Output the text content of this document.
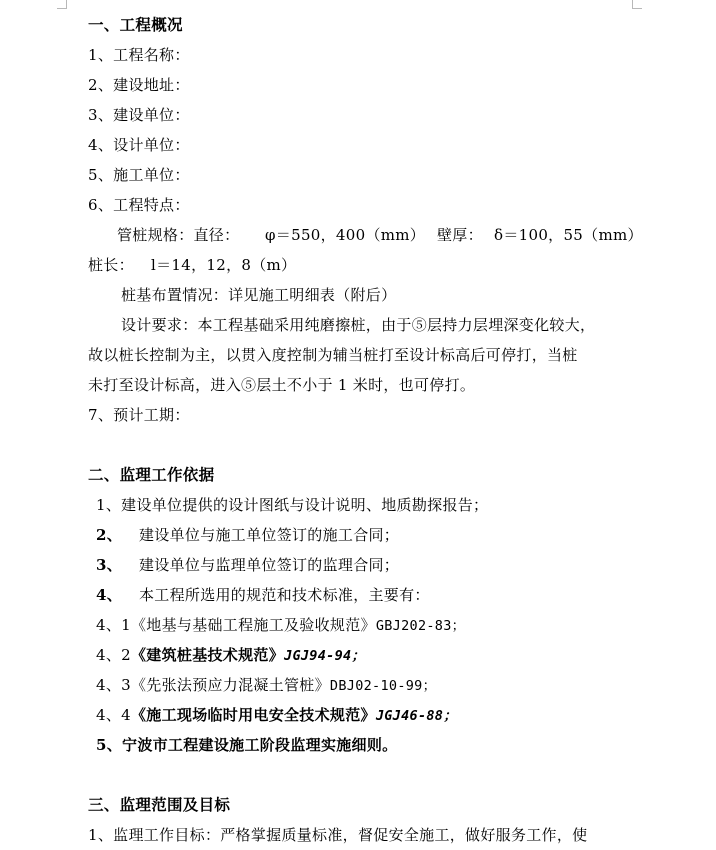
一、工程概况
1、工程名称：
2、建设地址：
3、建设单位：
4、设计单位：
5、施工单位：
6、工程特点：
管桩规格：直径： φ＝550，400（mm） 壁厚： δ＝100，55（mm）
桩长： l＝14，12，8（m）
桩基布置情况：详见施工明细表（附后）
设计要求：本工程基础采用纯磨擦桩，由于⑤层持力层埋深变化较大，
故以桩长控制为主，以贯入度控制为辅当桩打至设计标高后可停打，当桩
未打至设计标高，进入⑤层土不小于 1 米时，也可停打。
7、预计工期：
二、监理工作依据
1、建设单位提供的设计图纸与设计说明、地质勘探报告；
2、 建设单位与施工单位签订的施工合同；
3、 建设单位与监理单位签订的监理合同；
4、 本工程所选用的规范和技术标准，主要有：
4、1《地基与基础工程施工及验收规范》GBJ202-83；
4、2《建筑桩基技术规范》JGJ94-94；
4、3《先张法预应力混凝土管桩》DBJ02-10-99；
4、4《施工现场临时用电安全技术规范》JGJ46-88；
5、宁波市工程建设施工阶段监理实施细则。
三、监理范围及目标
1、监理工作目标：严格掌握质量标准，督促安全施工，做好服务工作，使
